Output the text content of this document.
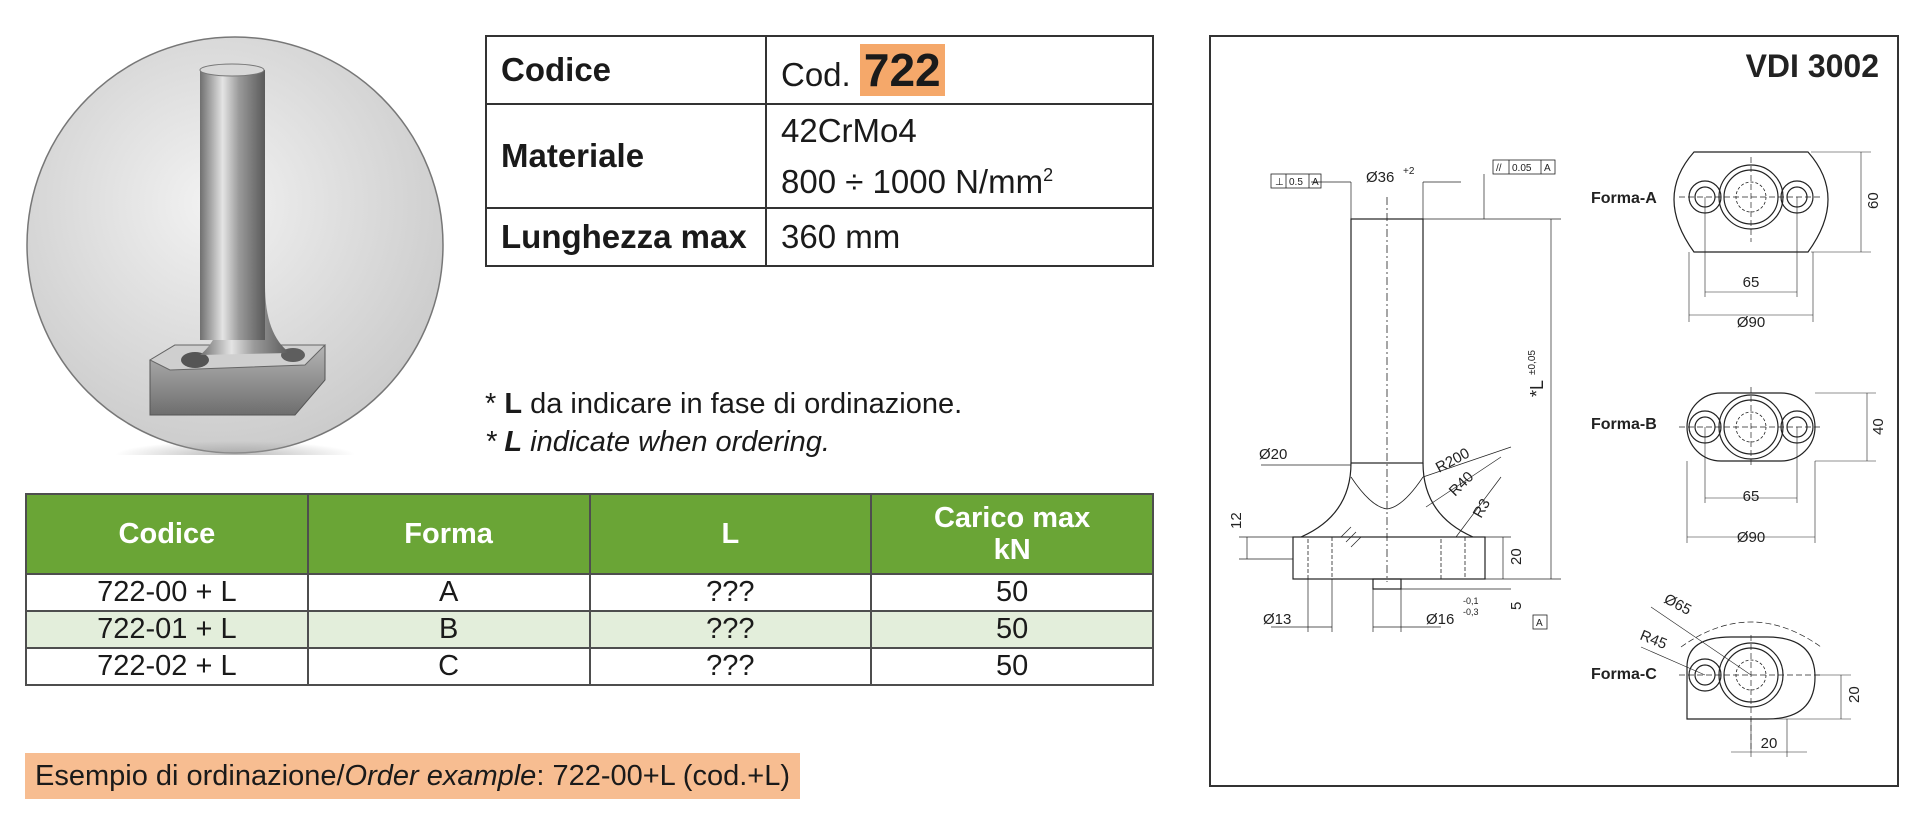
Codice	Cod. 722
Materiale	42CrMo4
800 ÷ 1000 $N/mm^2$

Lunghezza max	360 mm
* L da indicare in fase di ordinazione.
* L indicate when ordering.
Codice	Forma	L	Carico max
kN
722-00 + L	A	???	50
722-01 + L	B	???	50
722-02 + L	C	???	50
Esempio di ordinazione/Order example: 722-00+L (cod.+L)
VDI 3002
Ø36 +2
⊥ 0.5 A
// 0.05 A
*L
±0,05
Ø20	R200
R40
R3
12
20
5
A
Ø13	Ø16
-0,1
-0,3
Forma-A
65
Ø90
60
Forma-B
65
Ø90
40
Forma-C
Ø65
R45
20
20
